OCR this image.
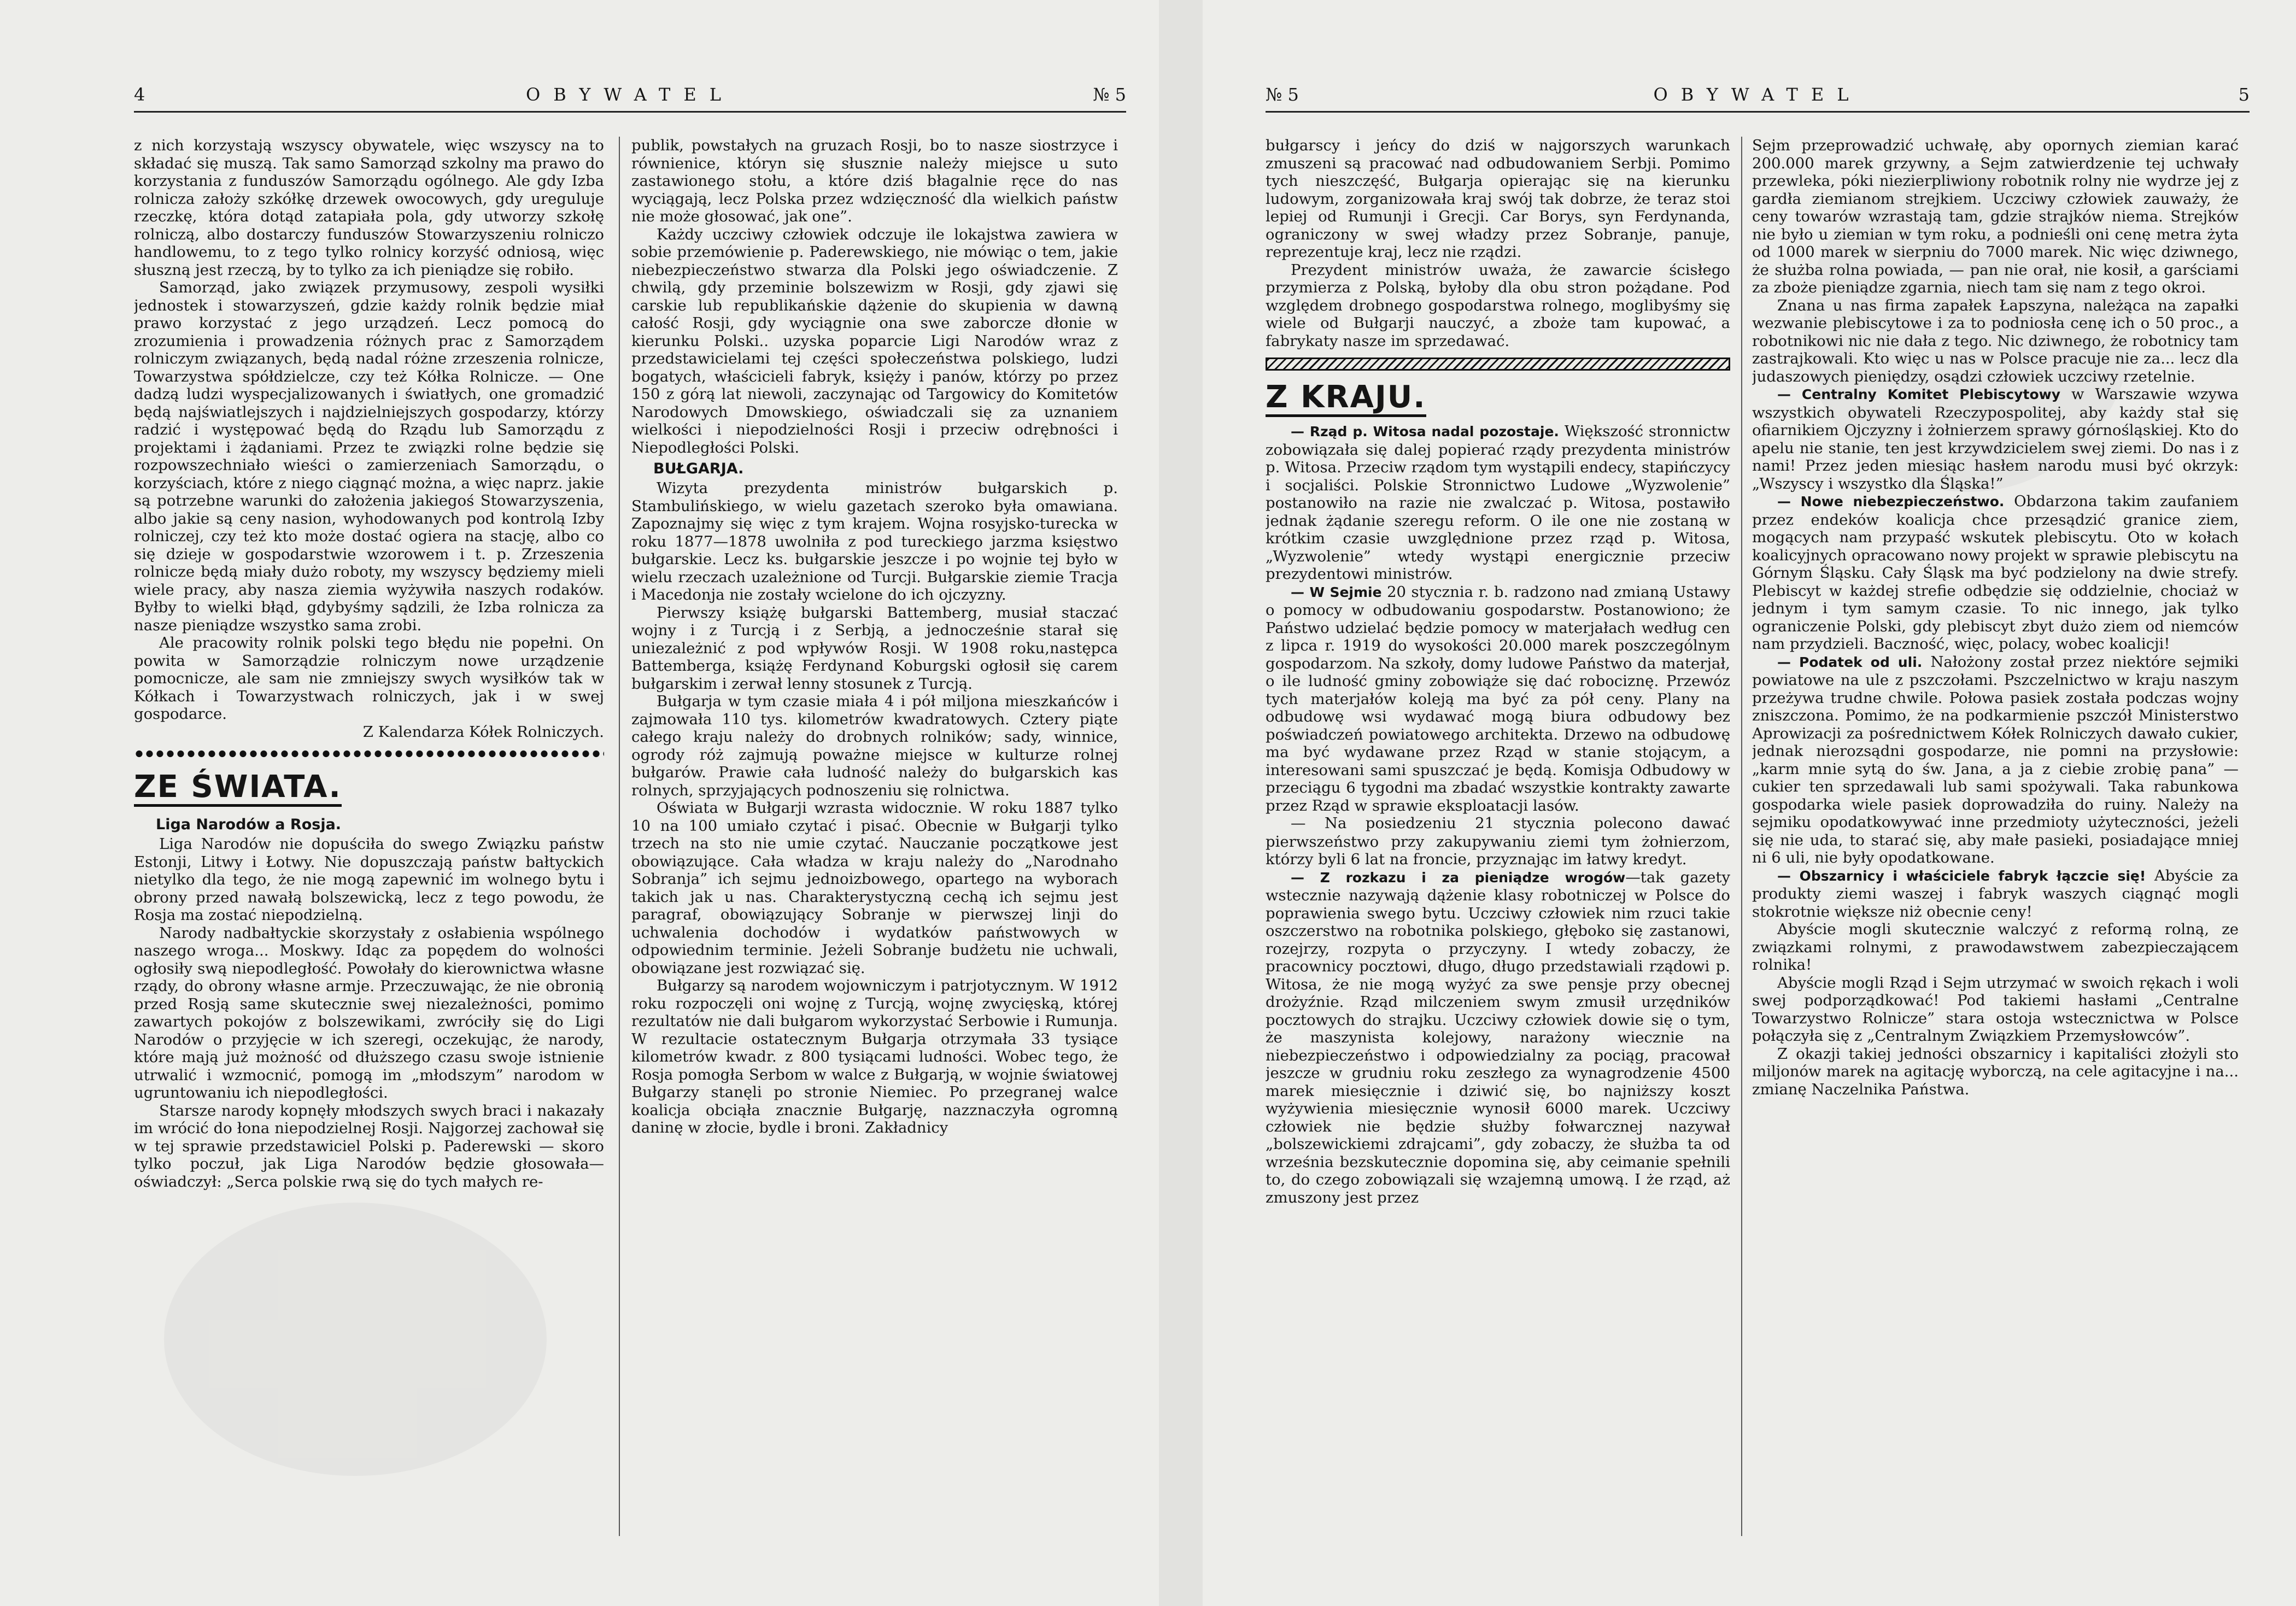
4	OBYWATEL	№ 5

z nich korzystają wszyscy obywatele, więc wszyscy na to składać się muszą. Tak samo Samorząd szkolny ma prawo do korzystania z funduszów Samorządu ogólnego. Ale gdy Izba rolnicza założy szkółkę drzewek owocowych, gdy ureguluje rzeczkę, która dotąd zatapiała pola, gdy utworzy szkołę rolniczą, albo dostarczy funduszów Stowarzyszeniu rolniczo handlowemu, to z tego tylko rolnicy korzyść odniosą, więc słuszną jest rzeczą, by to tylko za ich pieniądze się robiło.

Samorząd, jako związek przymusowy, zespoli wysiłki jednostek i stowarzyszeń, gdzie każdy rolnik będzie miał prawo korzystać z jego urządzeń. Lecz pomocą do zrozumienia i prowadzenia różnych prac z Samorządem rolniczym związanych, będą nadal różne zrzeszenia rolnicze, Towarzystwa spółdzielcze, czy też Kółka Rolnicze. — One dadzą ludzi wyspecjalizowanych i światłych, one gromadzić będą najświatlejszych i najdzielniejszych gospodarzy, którzy radzić i występować będą do Rządu lub Samorządu z projektami i żądaniami. Przez te związki rolne będzie się rozpowszechniało wieści o zamierzeniach Samorządu, o korzyściach, które z niego ciągnąć można, a więc naprz. jakie są potrzebne warunki do założenia jakiegoś Stowarzyszenia, albo jakie są ceny nasion, wyhodowanych pod kontrolą Izby rolniczej, czy też kto może dostać ogiera na stację, albo co się dzieje w gospodarstwie wzorowem i t. p. Zrzeszenia rolnicze będą miały dużo roboty, my wszyscy będziemy mieli wiele pracy, aby nasza ziemia wyżywiła naszych rodaków. Byłby to wielki błąd, gdybyśmy sądzili, że Izba rolnicza za nasze pieniądze wszystko sama zrobi.

Ale pracowity rolnik polski tego błędu nie popełni. On powita w Samorządzie rolniczym nowe urządzenie pomocnicze, ale sam nie zmniejszy swych wysiłków tak w Kółkach i Towarzystwach rolniczych, jak i w swej gospodarce.

Z Kalendarza Kółek Rolniczych.

ZE ŚWIATA.
Liga Narodów a Rosja.

Liga Narodów nie dopuściła do swego Związku państw Estonji, Litwy i Łotwy. Nie dopuszczają państw bałtyckich nietylko dla tego, że nie mogą zapewnić im wolnego bytu i obrony przed nawałą bolszewicką, lecz z tego powodu, że Rosja ma zostać niepodzielną.

Narody nadbałtyckie skorzystały z osłabienia wspólnego naszego wroga... Moskwy. Idąc za popędem do wolności ogłosiły swą niepodległość. Powołały do kierownictwa własne rządy, do obrony własne armje. Przeczuwając, że nie obronią przed Rosją same skutecznie swej niezależności, pomimo zawartych pokojów z bolszewikami, zwróciły się do Ligi Narodów o przyjęcie w ich szeregi, oczekując, że narody, które mają już możność od dłuższego czasu swoje istnienie utrwalić i wzmocnić, pomogą im „młodszym” narodom w ugruntowaniu ich niepodległości.

Starsze narody kopnęły młodszych swych braci i nakazały im wrócić do łona niepodzielnej Rosji. Najgorzej zachował się w tej sprawie przedstawiciel Polski p. Paderewski — skoro tylko poczuł, jak Liga Narodów będzie głosowała—oświadczył: „Serca polskie rwą się do tych małych re-

publik, powstałych na gruzach Rosji, bo to nasze siostrzyce i równienice, któryn się słusznie należy miejsce u suto zastawionego stołu, a które dziś błagalnie ręce do nas wyciągają, lecz Polska przez wdzięczność dla wielkich państw nie może głosować, jak one”.

Każdy uczciwy człowiek odczuje ile lokajstwa zawiera w sobie przemówienie p. Paderewskiego, nie mówiąc o tem, jakie niebezpieczeństwo stwarza dla Polski jego oświadczenie. Z chwilą, gdy przeminie bolszewizm w Rosji, gdy zjawi się carskie lub republikańskie dążenie do skupienia w dawną całość Rosji, gdy wyciągnie ona swe zaborcze dłonie w kierunku Polski.. uzyska poparcie Ligi Narodów wraz z przedstawicielami tej części społeczeństwa polskiego, ludzi bogatych, właścicieli fabryk, księży i panów, którzy po przez 150 z górą lat niewoli, zaczynając od Targowicy do Komitetów Narodowych Dmowskiego, oświadczali się za uznaniem wielkości i niepodzielności Rosji i przeciw odrębności i Niepodległości Polski.

BUŁGARJA.

Wizyta prezydenta ministrów bułgarskich p. Stambulińskiego, w wielu gazetach szeroko była omawiana. Zapoznajmy się więc z tym krajem. Wojna rosyjsko-turecka w roku 1877—1878 uwolniła z pod tureckiego jarzma księstwo bułgarskie. Lecz ks. bułgarskie jeszcze i po wojnie tej było w wielu rzeczach uzależnione od Turcji. Bułgarskie ziemie Tracja i Macedonja nie zostały wcielone do ich ojczyzny.

Pierwszy książę bułgarski Battemberg, musiał staczać wojny i z Turcją i z Serbją, a jednocześnie starał się uniezależnić z pod wpływów Rosji. W 1908 roku,następca Battemberga, książę Ferdynand Koburgski ogłosił się carem bułgarskim i zerwał lenny stosunek z Turcją.

Bułgarja w tym czasie miała 4 i pół miljona mieszkańców i zajmowała 110 tys. kilometrów kwadratowych. Cztery piąte całego kraju należy do drobnych rolników; sady, winnice, ogrody róż zajmują poważne miejsce w kulturze rolnej bułgarów. Prawie cała ludność należy do bułgarskich kas rolnych, sprzyjających podnoszeniu się rolnictwa.

Oświata w Bułgarji wzrasta widocznie. W roku 1887 tylko 10 na 100 umiało czytać i pisać. Obecnie w Bułgarji tylko trzech na sto nie umie czytać. Nauczanie początkowe jest obowiązujące. Cała władza w kraju należy do „Narodnaho Sobranja” ich sejmu jednoizbowego, opartego na wyborach takich jak u nas. Charakterystyczną cechą ich sejmu jest paragraf, obowiązujący Sobranje w pierwszej linji do uchwalenia dochodów i wydatków państwowych w odpowiednim terminie. Jeżeli Sobranje budżetu nie uchwali, obowiązane jest rozwiązać się.

Bułgarzy są narodem wojowniczym i patrjotycznym. W 1912 roku rozpoczęli oni wojnę z Turcją, wojnę zwycięską, której rezultatów nie dali bułgarom wykorzystać Serbowie i Rumunja. W rezultacie ostatecznym Bułgarja otrzymała 33 tysiące kilometrów kwadr. z 800 tysiącami ludności. Wobec tego, że Rosja pomogła Serbom w walce z Bułgarją, w wojnie światowej Bułgarzy stanęli po stronie Niemiec. Po przegranej walce koalicja obciąła znacznie Bułgarję, nazznaczyła ogromną daninę w złocie, bydle i broni. Zakładnicy

№ 5	OBYWATEL	5

bułgarscy i jeńcy do dziś w najgorszych warunkach zmuszeni są pracować nad odbudowaniem Serbji. Pomimo tych nieszczęść, Bułgarja opierając się na kierunku ludowym, zorganizowała kraj swój tak dobrze, że teraz stoi lepiej od Rumunji i Grecji. Car Borys, syn Ferdynanda, ograniczony w swej władzy przez Sobranje, panuje, reprezentuje kraj, lecz nie rządzi.

Prezydent ministrów uważa, że zawarcie ścisłego przymierza z Polską, byłoby dla obu stron pożądane. Pod względem drobnego gospodarstwa rolnego, moglibyśmy się wiele od Bułgarji nauczyć, a zboże tam kupować, a fabrykaty nasze im sprzedawać.

Z KRAJU.

— Rząd p. Witosa nadal pozostaje. Większość stronnictw zobowiązała się dalej popierać rządy prezydenta ministrów p. Witosa. Przeciw rządom tym wystąpili endecy, stapińczycy i socjaliści. Polskie Stronnictwo Ludowe „Wyzwolenie” postanowiło na razie nie zwalczać p. Witosa, postawiło jednak żądanie szeregu reform. O ile one nie zostaną w krótkim czasie uwzględnione przez rząd p. Witosa, „Wyzwolenie” wtedy wystąpi energicznie przeciw prezydentowi ministrów.

— W Sejmie 20 stycznia r. b. radzono nad zmianą Ustawy o pomocy w odbudowaniu gospodarstw. Postanowiono; że Państwo udzielać będzie pomocy w materjałach według cen z lipca r. 1919 do wysokości 20.000 marek poszczególnym gospodarzom. Na szkoły, domy ludowe Państwo da materjał, o ile ludność gminy zobowiąże się dać robociznę. Przewóz tych materjałów koleją ma być za pół ceny. Plany na odbudowę wsi wydawać mogą biura odbudowy bez poświadczeń powiatowego architekta. Drzewo na odbudowę ma być wydawane przez Rząd w stanie stojącym, a interesowani sami spuszczać je będą. Komisja Odbudowy w przeciągu 6 tygodni ma zbadać wszystkie kontrakty zawarte przez Rząd w sprawie eksploatacji lasów.

— Na posiedzeniu 21 stycznia polecono dawać pierwszeństwo przy zakupywaniu ziemi tym żołnierzom, którzy byli 6 lat na froncie, przyznając im łatwy kredyt.

— Z rozkazu i za pieniądze wrogów—tak gazety wstecznie nazywają dążenie klasy robotniczej w Polsce do poprawienia swego bytu. Uczciwy człowiek nim rzuci takie oszczerstwo na robotnika polskiego, głęboko się zastanowi, rozejrzy, rozpyta o przyczyny. I wtedy zobaczy, że pracownicy pocztowi, długo, długo przedstawiali rządowi p. Witosa, że nie mogą wyżyć za swe pensje przy obecnej drożyźnie. Rząd milczeniem swym zmusił urzędników pocztowych do strajku. Uczciwy człowiek dowie się o tym, że maszynista kolejowy, narażony wiecznie na niebezpieczeństwo i odpowiedzialny za pociąg, pracował jeszcze w grudniu roku zeszłego za wynagrodzenie 4500 marek miesięcznie i dziwić się, bo najniższy koszt wyżywienia miesięcznie wynosił 6000 marek. Uczciwy człowiek nie będzie służby fołwarcznej nazywał „bolszewickiemi zdrajcami”, gdy zobaczy, że służba ta od września bezskutecznie dopomina się, aby ceimanie spełnili to, do czego zobowiązali się wzajemną umową. I że rząd, aż zmuszony jest przez

Sejm przeprowadzić uchwałę, aby opornych ziemian karać 200.000 marek grzywny, a Sejm zatwierdzenie tej uchwały przewleka, póki niezierpliwiony robotnik rolny nie wydrze jej z gardła ziemianom strejkiem. Uczciwy człowiek zauważy, że ceny towarów wzrastają tam, gdzie strajków niema. Strejków nie było u ziemian w tym roku, a podnieśli oni cenę metra żyta od 1000 marek w sierpniu do 7000 marek. Nic więc dziwnego, że służba rolna powiada, — pan nie orał, nie kosił, a garściami za zboże pieniądze zgarnia, niech tam się nam z tego okroi.

Znana u nas firma zapałek Łapszyna, należąca na zapałki wezwanie plebiscytowe i za to podniosła cenę ich o 50 proc., a robotnikowi nic nie dała z tego. Nic dziwnego, że robotnicy tam zastrajkowali. Kto więc u nas w Polsce pracuje nie za... lecz dla judaszowych pieniędzy, osądzi człowiek uczciwy rzetelnie.

— Centralny Komitet Plebiscytowy w Warszawie wzywa wszystkich obywateli Rzeczypospolitej, aby każdy stał się ofiarnikiem Ojczyzny i żołnierzem sprawy górnośląskiej. Kto do apelu nie stanie, ten jest krzywdzicielem swej ziemi. Do nas i z nami! Przez jeden miesiąc hasłem narodu musi być okrzyk: „Wszyscy i wszystko dla Śląska!”

— Nowe niebezpieczeństwo. Obdarzona takim zaufaniem przez endeków koalicja chce przesądzić granice ziem, mogących nam przypaść wskutek plebiscytu. Oto w kołach koalicyjnych opracowano nowy projekt w sprawie plebiscytu na Górnym Śląsku. Cały Śląsk ma być podzielony na dwie strefy. Plebiscyt w każdej strefie odbędzie się oddzielnie, chociaż w jednym i tym samym czasie. To nic innego, jak tylko ograniczenie Polski, gdy plebiscyt zbyt dużo ziem od niemców nam przydzieli. Baczność, więc, polacy, wobec koalicji!

— Podatek od uli. Nałożony został przez niektóre sejmiki powiatowe na ule z pszczołami. Pszczelnictwo w kraju naszym przeżywa trudne chwile. Połowa pasiek została podczas wojny zniszczona. Pomimo, że na podkarmienie pszczół Ministerstwo Aprowizacji za pośrednictwem Kółek Rolniczych dawało cukier, jednak nierozsądni gospodarze, nie pomni na przysłowie: „karm mnie sytą do św. Jana, a ja z ciebie zrobię pana” — cukier ten sprzedawali lub sami spożywali. Taka rabunkowa gospodarka wiele pasiek doprowadziła do ruiny. Należy na sejmiku opodatkowywać inne przedmioty użyteczności, jeżeli się nie uda, to starać się, aby małe pasieki, posiadające mniej ni 6 uli, nie były opodatkowane.

— Obszarnicy i właściciele fabryk łączcie się! Abyście za produkty ziemi waszej i fabryk waszych ciągnąć mogli stokrotnie większe niż obecnie ceny!

Abyście mogli skutecznie walczyć z reformą rolną, ze związkami rolnymi, z prawodawstwem zabezpieczającem rolnika!

Abyście mogli Rząd i Sejm utrzymać w swoich rękach i woli swej podporządkować! Pod takiemi hasłami „Centralne Towarzystwo Rolnicze” stara ostoja wstecznictwa w Polsce połączyła się z „Centralnym Związkiem Przemysłowców”.

Z okazji takiej jedności obszarnicy i kapitaliści złożyli sto miljonów marek na agitację wyborczą, na cele agitacyjne i na... zmianę Naczelnika Państwa.
